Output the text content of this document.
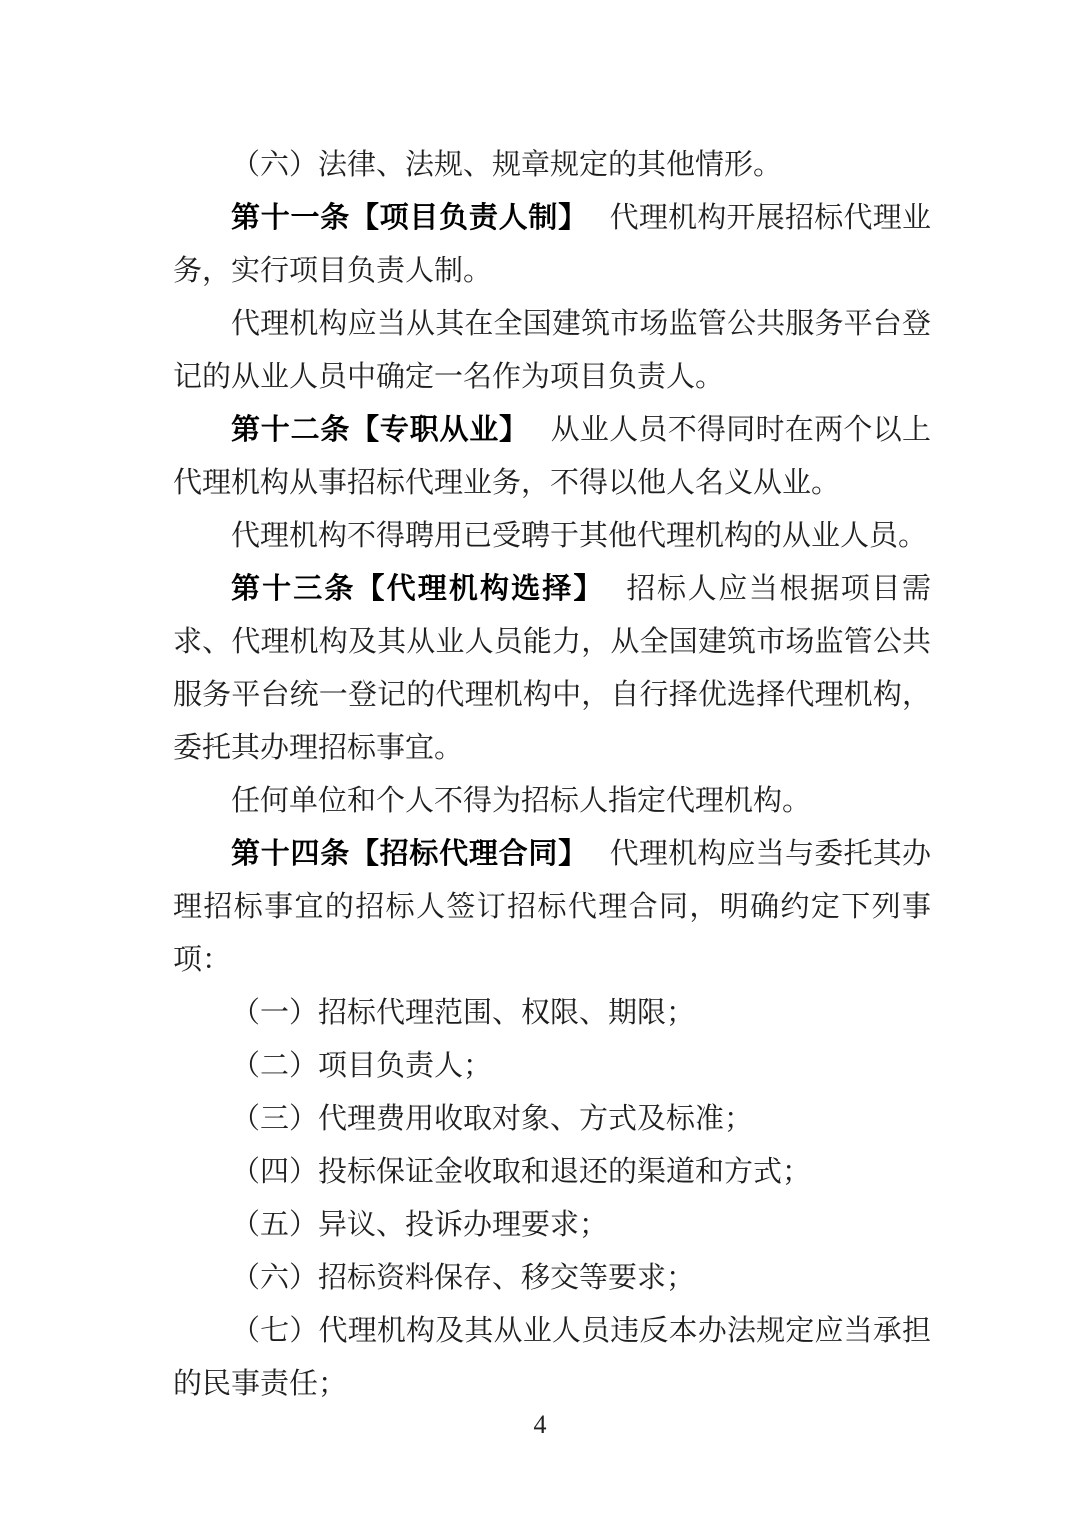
（六）法律、法规、规章规定的其他情形。

第十一条【项目负责人制】 代理机构开展招标代理业务，实行项目负责人制。

代理机构应当从其在全国建筑市场监管公共服务平台登记的从业人员中确定一名作为项目负责人。

第十二条【专职从业】 从业人员不得同时在两个以上代理机构从事招标代理业务，不得以他人名义从业。

代理机构不得聘用已受聘于其他代理机构的从业人员。

第十三条【代理机构选择】 招标人应当根据项目需求、代理机构及其从业人员能力，从全国建筑市场监管公共服务平台统一登记的代理机构中，自行择优选择代理机构，委托其办理招标事宜。

任何单位和个人不得为招标人指定代理机构。

第十四条【招标代理合同】 代理机构应当与委托其办理招标事宜的招标人签订招标代理合同，明确约定下列事项：

（一）招标代理范围、权限、期限；

（二）项目负责人；

（三）代理费用收取对象、方式及标准；

（四）投标保证金收取和退还的渠道和方式；

（五）异议、投诉办理要求；

（六）招标资料保存、移交等要求；

（七）代理机构及其从业人员违反本办法规定应当承担的民事责任；

4
